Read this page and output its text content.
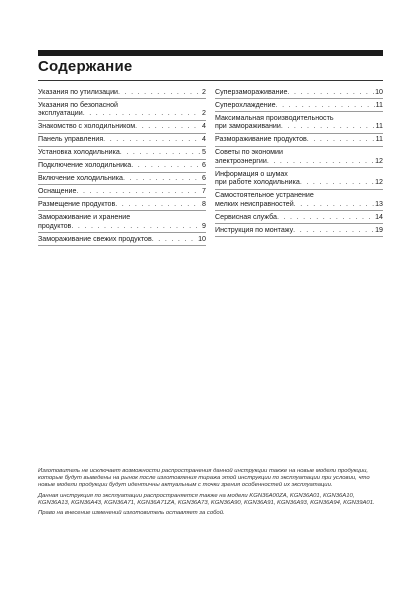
Содержание
Указания по утилизации . . .	2
Указания по безопасной
эксплуатации . . .	2
Знакомство с холодильником . . .	4
Панель управления . . .	4
Установка холодильника . . .	5
Подключение холодильника . . .	6
Включение холодильника . . .	6
Оснащение . . .	7
Размещение продуктов . . .	8
Замораживание и хранение
продуктов . . .	9
Замораживание свежих продуктов . . .	10
Суперзамораживание . . .	10
Суперохлаждение . . .	11
Максимальная производительность
при замораживании . . .	11
Размораживание продуктов . . .	11
Советы по экономии
электроэнергии . . .	12
Информация о шумах
при работе холодильника . . .	12
Самостоятельное устранение
мелких неисправностей . . .	13
Сервисная служба . . .	14
Инструкция по монтажу . . .	19

Изготовитель не исключает возможности распространения данной инструкции также на новые модели продукции, которые будут выведены на рынок после изготовления тиража этой инструкции по эксплуатации при условии, что новые модели продукции будут идентичны актуальным с точки зрения особенностей их эксплуатации.

Данная инструкция по эксплуатации распространяется также на модели KGN36A00ZA, KGN36A01, KGN36A10, KGN36A13, KGN36A43, KGN36A71, KGN36A71ZA, KGN36A73, KGN36A90, KGN36A91, KGN36A93, KGN36A94, KGN39A01.

Право на внесение изменений изготовитель оставляет за собой.
